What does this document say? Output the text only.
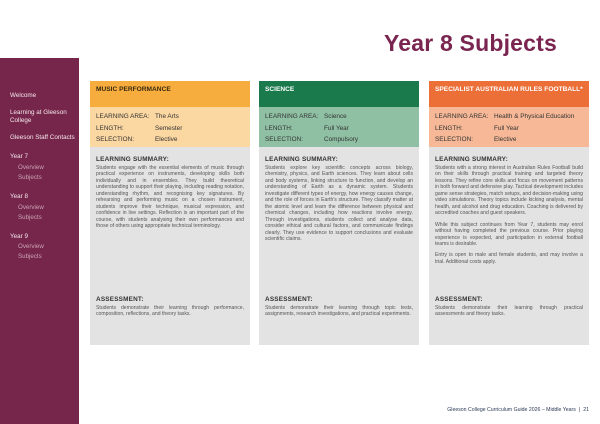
Welcome
Learning at Gleeson College
Gleeson Staff Contacts
Year 7
Overview
Subjects
Year 8
Overview
Subjects
Year 9
Overview
Subjects
Year 8 Subjects
MUSIC PERFORMANCE
LEARNING AREA: The Arts
LENGTH:	Semester
SELECTION:	Elective
LEARNING SUMMARY:

Students engage with the essential elements of music through practical experience on instruments, developing skills both individually and in ensembles. They build theoretical understanding to support their playing, including reading notation, understanding rhythm, and recognising key signatures. By rehearsing and performing music on a chosen instrument, students improve their technique, musical expression, and confidence in live settings. Reflection is an important part of the course, with students analysing their own performances and those of others using appropriate technical terminology.

ASSESSMENT:

Students demonstrate their learning through performance, composition, reflections, and theory tasks.

SCIENCE
LEARNING AREA: Science
LENGTH:	Full Year
SELECTION:	Compulsory
LEARNING SUMMARY:

Students explore key scientific concepts across biology, chemistry, physics, and Earth sciences. They learn about cells and body systems, linking structure to function, and develop an understanding of Earth as a dynamic system. Students investigate different types of energy, how energy causes change, and the role of forces in Earth's structure. They classify matter at the atomic level and learn the difference between physical and chemical changes, including how reactions involve energy. Through investigations, students collect and analyse data, consider ethical and cultural factors, and communicate findings clearly. They use evidence to support conclusions and evaluate scientific claims.

ASSESSMENT:

Students demonstrate their learning through topic tests, assignments, research investigations, and practical experiments.

SPECIALIST AUSTRALIAN RULES FOOTBALL*
LEARNING AREA: Health & Physical Education
LENGTH:	Full Year
SELECTION:	Elective
LEARNING SUMMARY:

Students with a strong interest in Australian Rules Football build on their skills through practical training and targeted theory lessons. They refine core skills and focus on movement patterns in both forward and defensive play. Tactical development includes game sense strategies, match setups, and decision-making using video simulations. Theory topics include kicking analysis, mental health, and alcohol and drug education. Coaching is delivered by accredited coaches and guest speakers.

While this subject continues from Year 7, students may enrol without having completed the previous course. Prior playing experience is expected, and participation in external football teams is desirable.

Entry is open to male and female students, and may involve a trial. Additional costs apply.

ASSESSMENT:

Students demonstrate their learning through practical assessments and theory tasks.

Gleeson College Curriculum Guide 2026 – Middle Years | 21
